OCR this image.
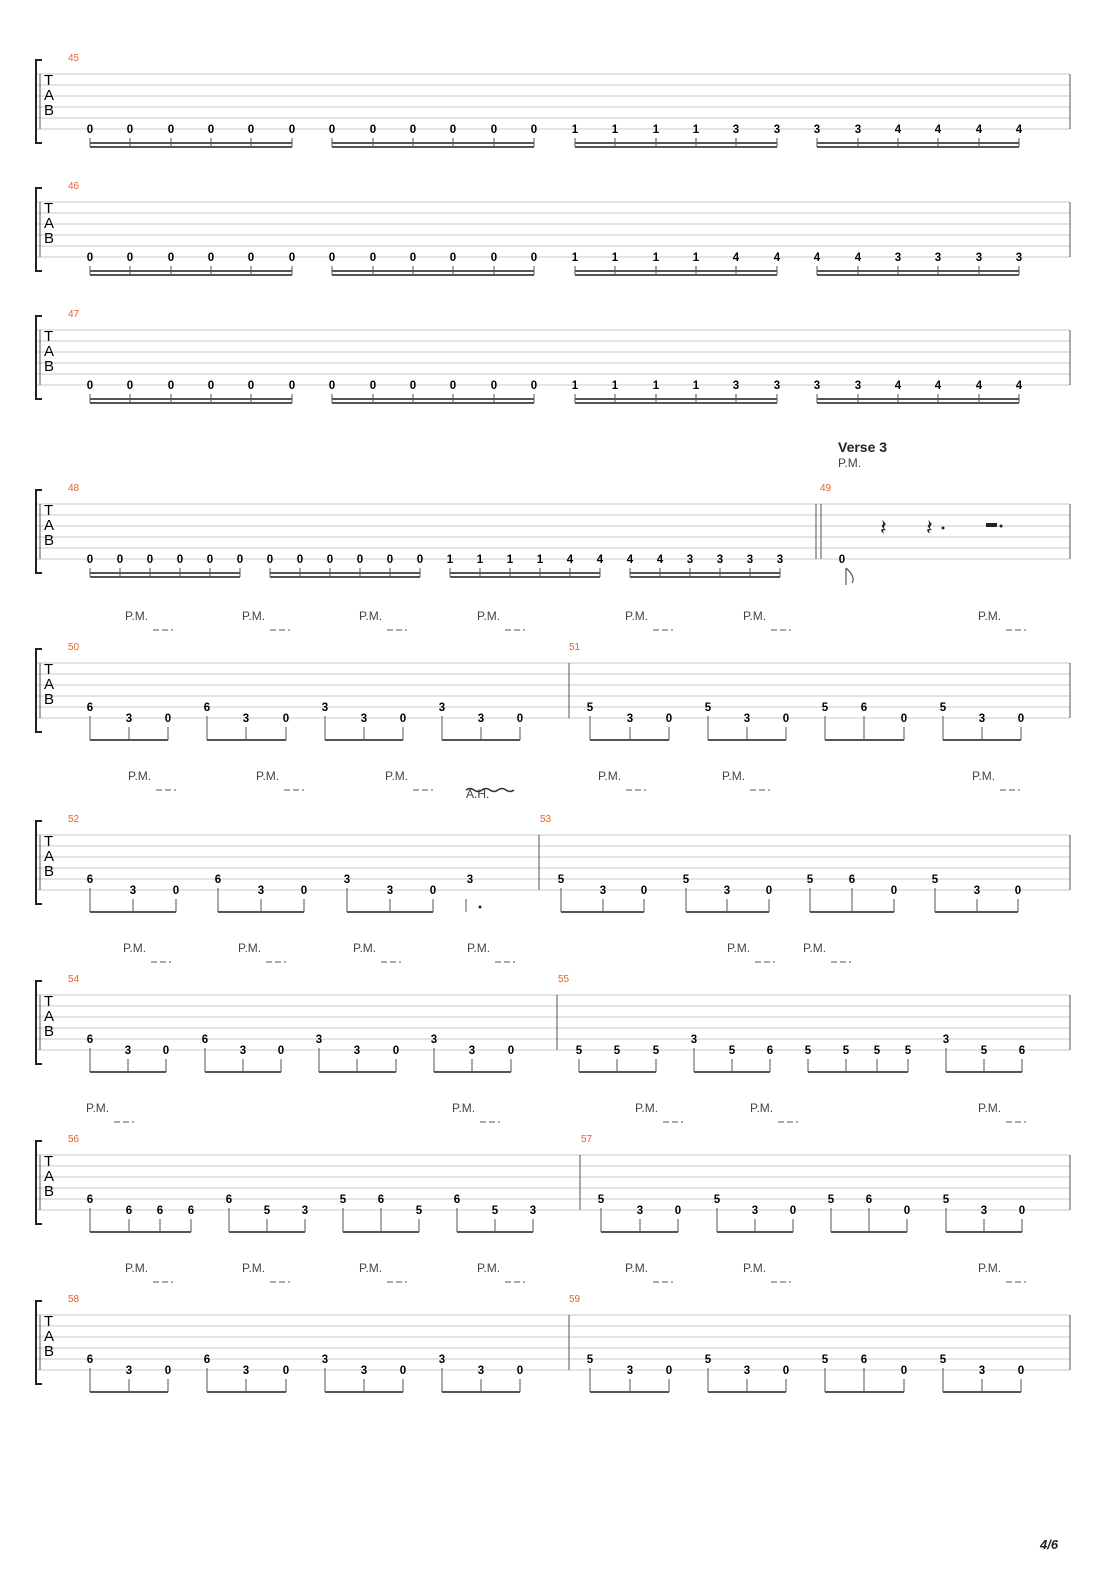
T
A
B
45
0	0	0	0	0	0	0	0	0	0	0	0	1	1	1	1	3	3	3	3	4	4	4	4
T
A
B
46
0	0	0	0	0	0	0	0	0	0	0	0	1	1	1	1	4	4	4	4	3	3	3	3
T
A
B
47
0	0	0	0	0	0	0	0	0	0	0	0	1	1	1	1	3	3	3	3	4	4	4	4
T
A
B
48	49
0 0 0 0 0 0 0 0 0 0 0 0 1 1 1 1 4 4 4 4 3 3 3 3	0
𝄽 𝄽
Verse 3
P.M.
T
A
B
50	51
6
3	0
6
3	0
3
3	0
3
3	0
5
3	0
5
3	0
5	6
0
5
3	0
T
A
B
52	53
6
3	0
6
3	0
3
3	0
5
3	0
5
3	0
5	6
0
5
3	0
3
T
A
B
54	55
6
3	0
6
3	0
3
3	0
3
3	0	5	5	5
3
5	6	5	5 5 5
3
5	6
T
A
B
56	57
6
6 6 6
6
5	3
5	6
5
6
5	3
5
3	0
5
3	0
5	6
0
5
3	0
T
A
B
58	59
6
3	0
6
3	0
3
3	0
3
3	0
5
3	0
5
3	0
5	6
0
5
3	0
P.M.	P.M.	P.M.	P.M.	P.M.	P.M.	P.M.
P.M.	P.M.	P.M.	P.M.	P.M.	P.M.
P.M.	P.M.	P.M.	P.M.	P.M.	P.M.
P.M.	P.M.	P.M.	P.M.	P.M.
P.M.	P.M.	P.M.	P.M.	P.M.	P.M.	P.M.
A.H.
4/6
